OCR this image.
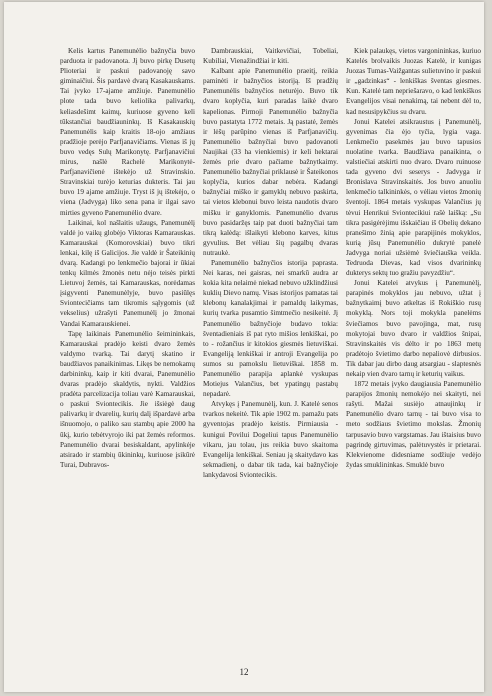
Kelis kartus Panemunėlio bažnyčia buvo parduota ir padovanota. Jį buvo pirkę Dusetų Plioteriai ir paskui padovanoję savo giminaičiui. Šis pardavė dvarą Kasakauskams. Tai įvyko 17-ajame amžiuje. Panemunėlio plote tada buvo keliolika palivarkų, keliasdešimt kaimų, kuriuose gyveno keli tūkstančiai baudžiauninkų. Iš Kasakauskių Panemunėlis kaip kraitis 18-ojo amžiaus pradžioje perėjo Parfjanavičiams. Vienas iš jų buvo vedęs Sulų Marikonytę. Parfjanavičiui mirus, našlė Rachelė Marikonytė-Parfjanavičienė ištekėjo už Stravinskio. Stravinskiai turėjo keturias dukteris. Tai jau buvo 19 ajame amžiuje. Tryst iš jų ištekėjo, o viena (Jadvyga) liko sena pana ir ilgai savo mirties gyveno Panemunėlio dvare.

Laikinai, kol našlaitis užaugs, Panemunėlį valdė jo vaikų globėjo Viktoras Kamarauskas. Kamarauskai (Komorovskiai) buvo tikri lenkai, kilę iš Galicijos. Jie valdė ir Šateikinių dvarą. Kadangi po lenkmečio bajorai ir ūkiai tenkų kilmės žmonės netu nėjo teisės pirkti Lietuvoj žemės, tai Kamarauskas, norėdamas įsigyventi Panemunėlyje, buvo pasiūlęs Sviontecičiams tam tikromis sąlygomis (už vekselius) užrašyti Panemunėlį jo žmonai Vandai Kamarauskienei.

Tapę laikinais Panemunėlio šeimininkais, Kamarauskai pradėjo keisti dvaro žemės valdymo tvarką. Tai darytį skatino ir baudžiavos panaikinimas. Likęs be nemokamų darbininkų, kaip ir kiti dvarai, Panemunėlio dvaras pradėjo skaldytis, nykti. Valdžios pradėta parcelizacija toliau varė Kamarauskai, o paskui Sviontecikis. Jie išsiėgė daug palivarkų ir dvarelių, kurių dalį išpardavė arba išnuomojo, o paliko sau stambų apie 2000 ha ūkį, kurio tebėtvyrojo iki pat žemės reformos. Panemunėlio dvarai besiskaldant, apylinkėje atsirado ir stambių ūkininkų, kuriuose įsikūrė Turai, Dubravos-

Dambrauskiai, Vaitkevičiai, Tobeliai, Kubiliai, Vienažindžiai ir kiti.

Kalbant apie Panemunėlio praeitį, reikia paminėti ir bažnyčios istoriją. Iš pradžių Panemunėlis bažnyčios neturėjo. Buvo tik dvaro koplyčia, kuri paradas laikė dvaro kapelionas. Pirmoji Panemunėlio bažnyčia buvo pastatyta 1772 metais. Ją pastatė, žemės ir lėšų parūpino vienas iš Parfjanavičių. Panemunėlio bažnyčiai buvo padovanoti Naujikai (33 ha vienkiemis) ir keli hektarai žemės prie dvaro pačiame bažnytkaimy. Panemunėlio bažnyčiai priklausė ir Šateikonos koplyčia, kurios dabar nebėra. Kadangi bažnyčiai miško ir gamyklų nebuvo paskirta, tai vietos klebonui buvo leista naudotis dvaro mišku ir ganyklomis. Panemunėlio dvarus buvo pasidaržęs taip pat duoti bažnyčiai tam tikrą kalėdą: išlaikyti klebono karves, kitus gyvulius. Bet vėliau šių pagalbų dvaras nutraukė.

Panemunėlio bažnyčios istorija paprasta. Nei karas, nei gaisras, nei smarkū audra ar kokia kita nelaimė niekad nebuvo užklindžiusi kuklių Dievo namų. Visas istorijos pamatas tai klebonų kanalakjimai ir pamaldų laikymas, kurių tvarka pusamtio šimtmečio nesikeitė. Jį Panemunėlio bažnyčioje budavo tokia: šventadieniais iš pat ryto mišios lenkiškai, po to - rožančius ir kitokios giesmės lietuviškai. Evangeliją lenkiškai ir antroji Evangelija po sumos su pamokslu lietuviškai. 1858 m. Panemunėlio parapija aplankė vyskupas Motiejus Valančius, bet ypatingų pastabų nepadarė.

Atvykęs į Panemunėlį, kun. J. Katelė senos tvarkos nekeitė. Tik apie 1902 m. pamažu pats gyventojas pradėjo keistis. Pirmiausia - kunigui Povilui Dogeliui tapus Panemunėlio vikaru, jau tolau, jus reikia buvo skaitoma Evangelija lenkiškai. Seniau ją skaitydavo kas sekmadienį, o dabar tik tada, kai bažnyčioje lankydavosi Sviontecikis.

Kiek palaukęs, vietos vargonininkas, kuriuo Katelės brolvaikis Juozas Katelė, ir kunigas Juozas Tumas-Vaižgantas sulietuvino ir paskui ir „gadzinkas“ - lenkiškas šventas giesmes. Kun. Katelė tam nepriešaravo, o kad lenkiškos Evangelijos visai nenakimą, tai nebent dėl to, kad nesusipykčius su dvaru.

Jonui Katelei atsikraustus į Panemunėlį, gyvenimas čia ėjo tyčia, lygia vaga. Lenkmečio pasekmės jau buvo tapusios nuolatine tvarka. Baudžiava panaikinta, o valstiečiai atskirti nuo dvaro. Dvaro ruinuose tada gyveno dvi seserys - Jadvyga ir Bronislava Stravinskaitės. Jos buvo anuoliu lenkmečio talkininkės, o vėliau vietos žmonių šventoji. 1864 metais vyskupas Valančius jų tėvui Henrikui Sviontecikiui rašė laišką: „Su tikra pasigėrėjimu išskaičiau iš Obelių dekano pranešimo žinią apie parapijinės mokyklos, kurią jūsų Panemunėlio dukrytė panelė Jadvyga noriai užsiėmė šviečiauška veikla. Tedruoda Dievas, kad visos dvarininkų dukterys sektų tuo gražiu pavyzdžiu“.

Jonui Katelei atvykus į Panemunėlį, parapinės mokyklos jau nebuvo, užtat į bažnytkaimį buvo atkeltas iš Rokiškio rusų mokyklą. Nors toji mokykla panelėms šviečiamos buvo pavojinga, mat, rusų mokytojai buvo dvaro ir valdžios šnipai, Stravinskaitės vis dėlto ir po 1863 metų pradėtojo švietimo darbo nepaliovė dirbusios. Tik dabar jau dirbo daug atsargiau - slaptesnės nekaip vien dvaro tarnų ir keturių vaikus.

1872 metais įvyko daugiausia Panemunėlio parapijos žmonių nemokėjo nei skaityti, nei rašyti. Mažai susiėjo atnaujinkų ir Panemunėlio dvaro tarnų - tai buvo visa to meto sodžiaus švietimo mokslas. Žmonių tarpusavio buvo vargstamas. Jau ištaisius buvo pagrindę girtuvimas, palėtuvystės ir prietarai. Klekvienome didesniame sodžiuje vedėjo žydas smuklininkas. Smuklė buvo

12
